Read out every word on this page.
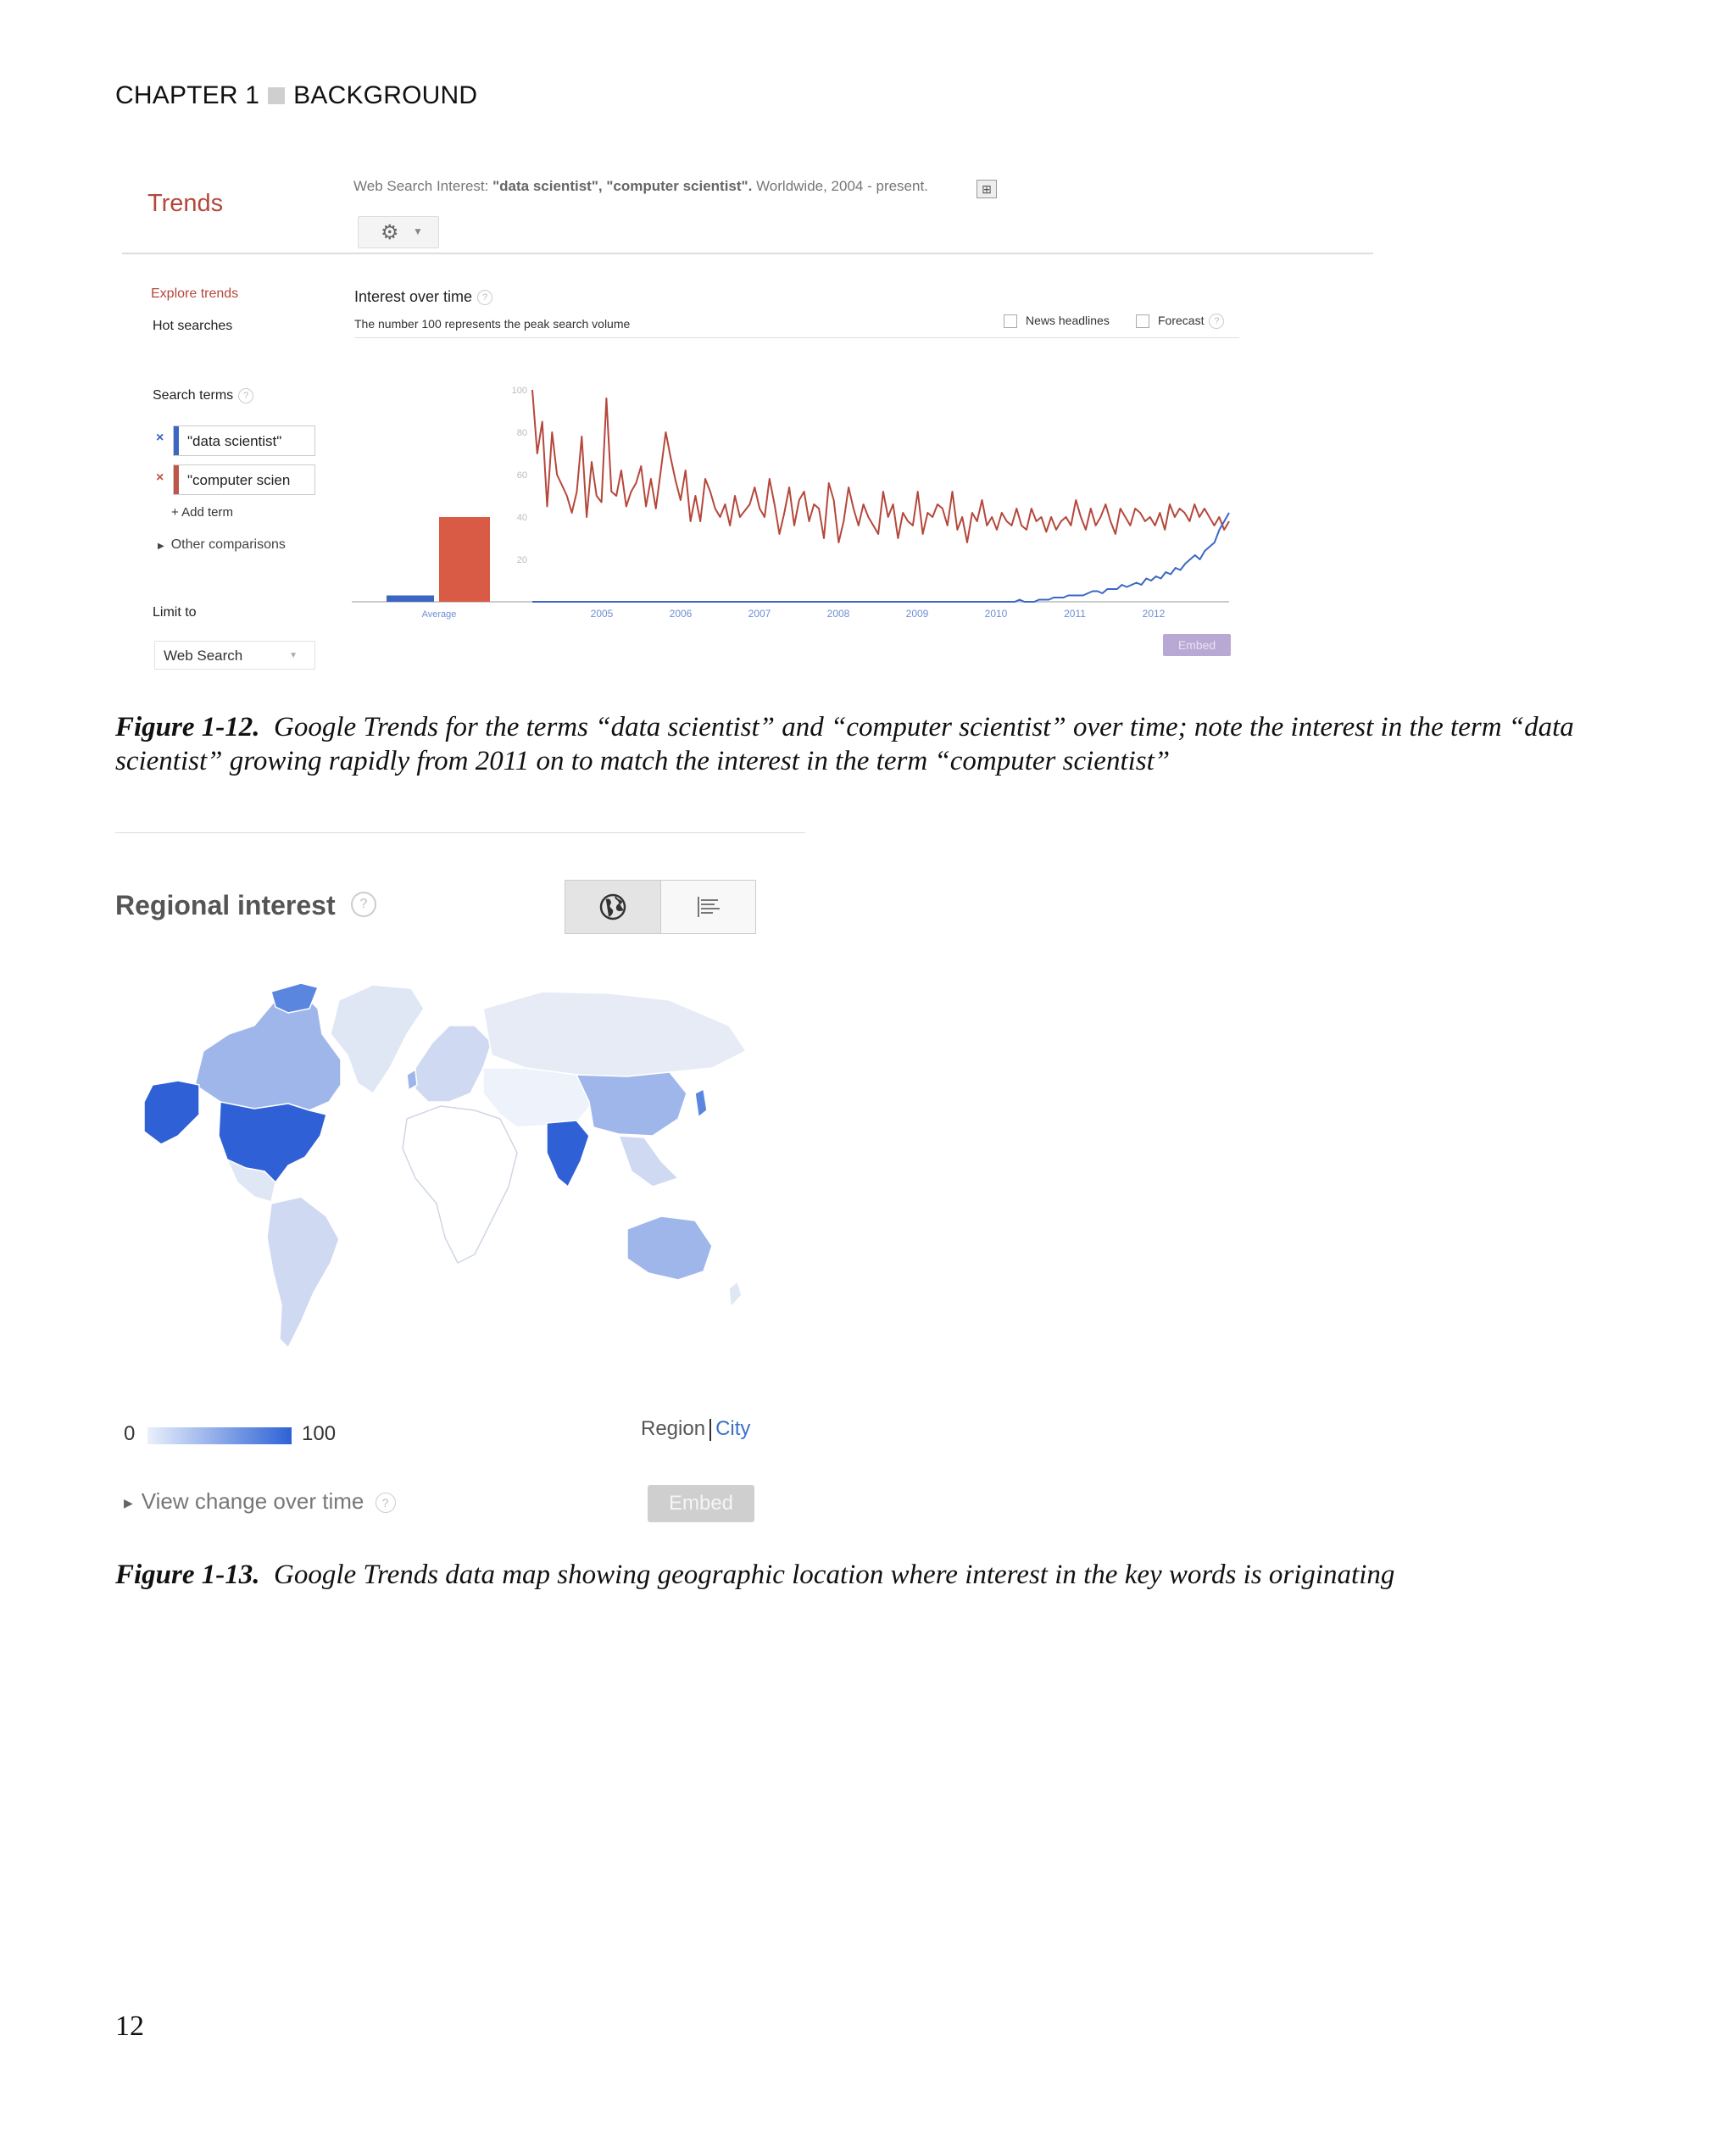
CHAPTER 1 BACKGROUND
Trends
Web Search Interest: "data scientist", "computer scientist". Worldwide, 2004 - present.	⊞
⚙ ▼
Explore trends
Hot searches
Search terms ?
×	"data scientist"
×	"computer scien
+ Add term
▶ Other comparisons
Limit to
Web Search	▼
Interest over time ?
The number 100 represents the peak search volume	News headlines	Forecast ?
20
40
60
80
100
Average	2005	2006	2007	2008	2009	2010	2011	2012
Embed
Figure 1-12. Google Trends for the terms “data scientist” and “computer scientist” over time; note the interest in the term “data scientist” growing rapidly from 2011 on to match the interest in the term “computer scientist”
Regional interest	?
0	100	Region City
▶ View change over time ?	Embed
Figure 1-13. Google Trends data map showing geographic location where interest in the key words is originating
12
